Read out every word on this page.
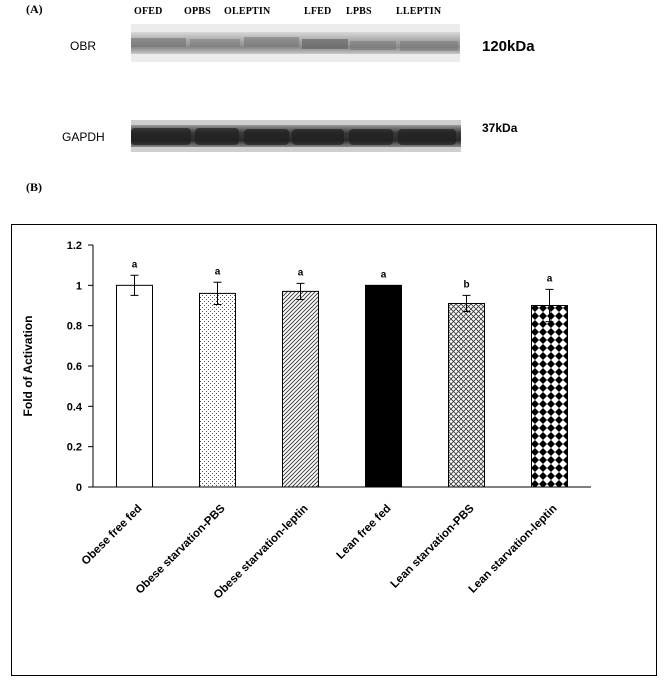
(A)	OFED OPBS OLEPTIN	LFED LPBS LLEPTIN
OBR	120kDa
GAPDH
37kDa
(B)
0
0.2
0.4
0.6
0.8
1
1.2
Fold of Activation
a
Obese free fed
a
Obese starvation-PBS
a
Obese starvation-leptin
a
Lean free fed
b
Lean starvation-PBS
a
Lean starvation-leptin
